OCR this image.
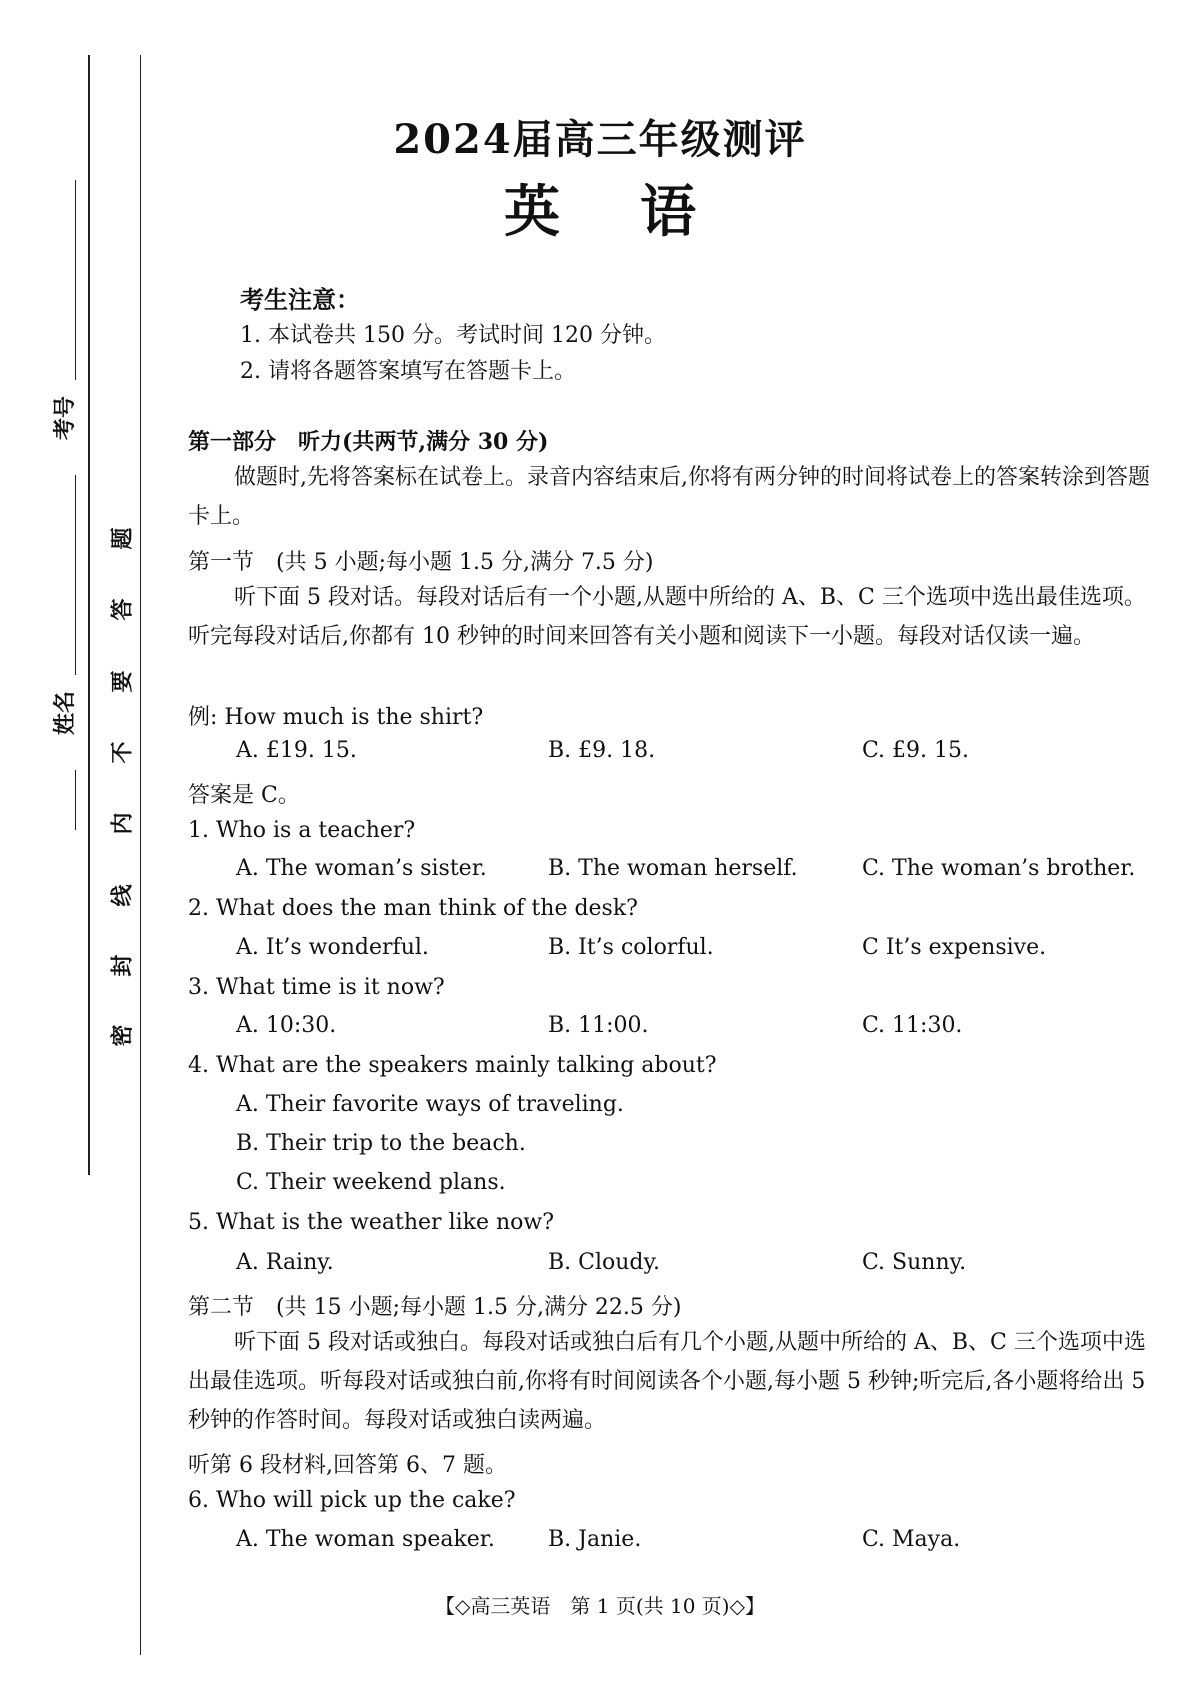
考号
姓名
密
封
线
内
不
要
答
题
2024届高三年级测评
英语
考生注意：
1. 本试卷共 150 分。考试时间 120 分钟。
2. 请将各题答案填写在答题卡上。
第一部分　听力(共两节,满分 30 分)
做题时,先将答案标在试卷上。录音内容结束后,你将有两分钟的时间将试卷上的答案转涂到答题卡上。
第一节　(共 5 小题;每小题 1.5 分,满分 7.5 分)
听下面 5 段对话。每段对话后有一个小题,从题中所给的 A、B、C 三个选项中选出最佳选项。听完每段对话后,你都有 10 秒钟的时间来回答有关小题和阅读下一小题。每段对话仅读一遍。
例: How much is the shirt?
A. £19. 15.	B. £9. 18.	C. £9. 15.
答案是 C。
1. Who is a teacher?
A. The woman’s sister.	B. The woman herself.	C. The woman’s brother.
2. What does the man think of the desk?
A. It’s wonderful.	B. It’s colorful.	C It’s expensive.
3. What time is it now?
A. 10:30.	B. 11:00.	C. 11:30.
4. What are the speakers mainly talking about?
A. Their favorite ways of traveling.
B. Their trip to the beach.
C. Their weekend plans.
5. What is the weather like now?
A. Rainy.	B. Cloudy.	C. Sunny.
第二节　(共 15 小题;每小题 1.5 分,满分 22.5 分)
听下面 5 段对话或独白。每段对话或独白后有几个小题,从题中所给的 A、B、C 三个选项中选出最佳选项。听每段对话或独白前,你将有时间阅读各个小题,每小题 5 秒钟;听完后,各小题将给出 5 秒钟的作答时间。每段对话或独白读两遍。
听第 6 段材料,回答第 6、7 题。
6. Who will pick up the cake?
A. The woman speaker. B. Janie.	C. Maya.
【◇高三英语　第 1 页(共 10 页)◇】
